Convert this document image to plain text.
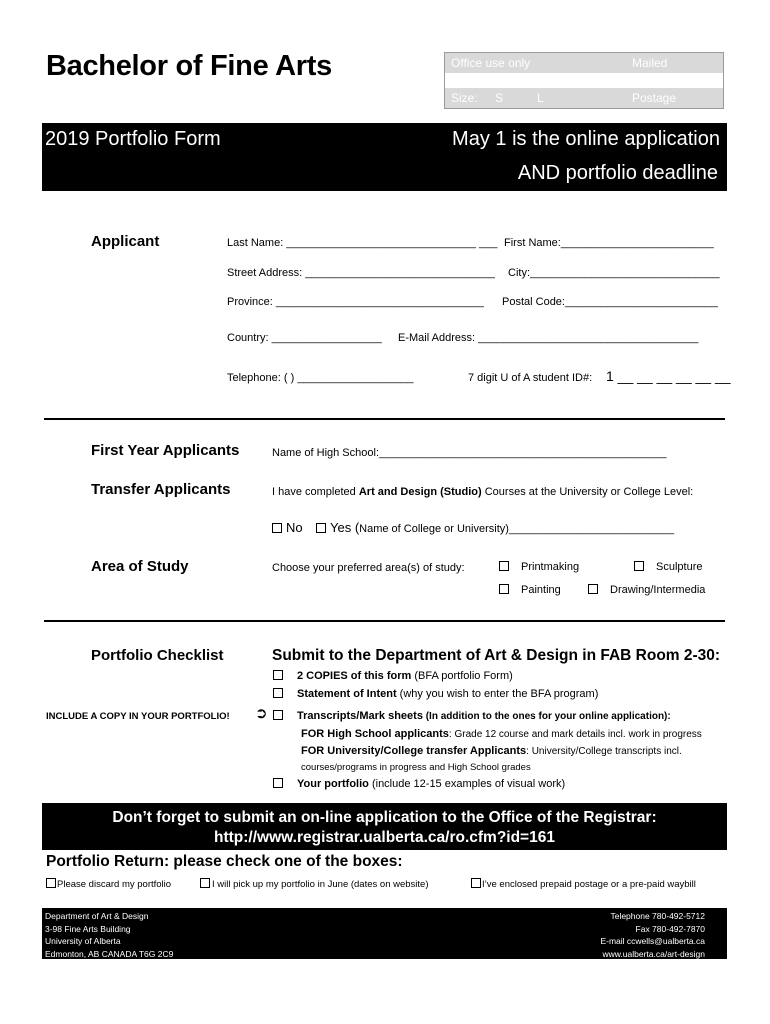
Bachelor of Fine Arts	Office use only	Mailed
Size: S	L	Postage
2019 Portfolio Form	May 1 is the online application
AND portfolio deadline
Applicant	Last Name: _______________________________ ___ First Name:_________________________
Street Address: _______________________________ City:_______________________________
Province: __________________________________ Postal Code:_________________________
Country: __________________ E-Mail Address: ____________________________________
Telephone: ( ) ___________________	7 digit U of A student ID#: 1 __ __ __ __ __ __
First Year Applicants	Name of High School:_______________________________________________
Transfer Applicants	I have completed Art and Design (Studio) Courses at the University or College Level:
No	Yes (Name of College or University)___________________________
Area of Study	Choose your preferred area(s) of study:	Printmaking	Sculpture
Painting	Drawing/Intermedia
Portfolio Checklist	Submit to the Department of Art & Design in FAB Room 2-30:
2 COPIES of this form (BFA portfolio Form)
Statement of Intent (why you wish to enter the BFA program)
INCLUDE A COPY IN YOUR PORTFOLIO! ➲	Transcripts/Mark sheets (In addition to the ones for your online application):
FOR High School applicants: Grade 12 course and mark details incl. work in progress
FOR University/College transfer Applicants: University/College transcripts incl.
courses/programs in progress and High School grades
Your portfolio (include 12-15 examples of visual work)
Don’t forget to submit an on-line application to the Office of the Registrar:
http://www.registrar.ualberta.ca/ro.cfm?id=161
Portfolio Return: please check one of the boxes:
Please discard my portfolio	I will pick up my portfolio in June (dates on website)	I’ve enclosed prepaid postage or a pre-paid waybill
Department of Art & Design
3-98 Fine Arts Building
University of Alberta
Edmonton, AB CANADA T6G 2C9
Telephone 780-492-5712
Fax 780-492-7870
E-mail ccwells@ualberta.ca
www.ualberta.ca/art-design
